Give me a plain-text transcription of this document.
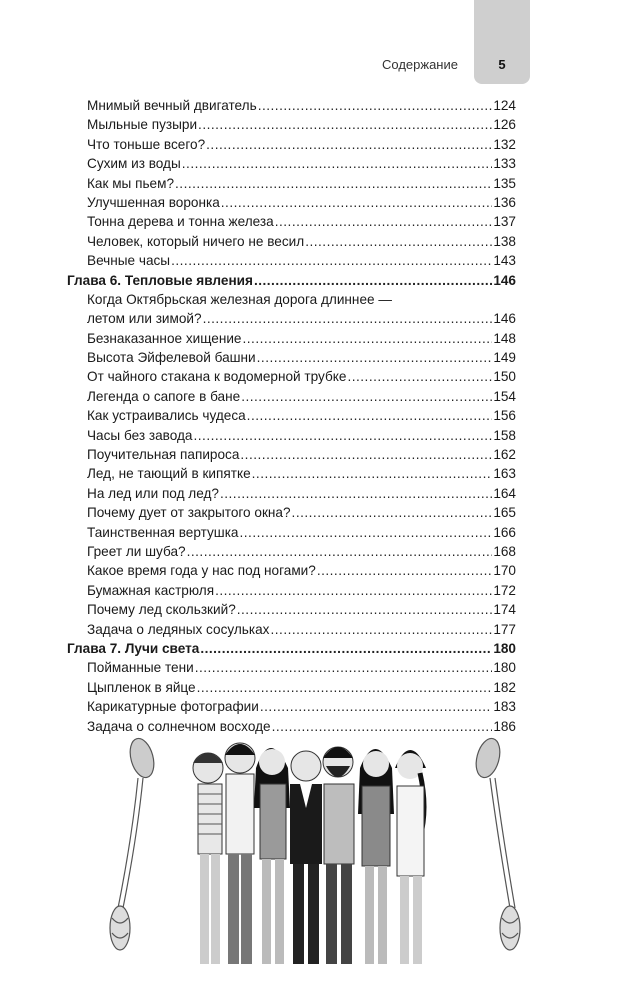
Содержание	5
Мнимый вечный двигатель .....	124
Мыльные пузыри .....	126
Что тоньше всего? .....	132
Сухим из воды .....	133
Как мы пьем? .....	135
Улучшенная воронка .....	136
Тонна дерева и тонна железа .....	137
Человек, который ничего не весил .....	138
Вечные часы .....	143
Глава 6. Тепловые явления .....	146
Когда Октябрьская железная дорога длиннее —
летом или зимой? .....	146
Безнаказанное хищение .....	148
Высота Эйфелевой башни .....	149
От чайного стакана к водомерной трубке .....	150
Легенда о сапоге в бане .....	154
Как устраивались чудеса .....	156
Часы без завода .....	158
Поучительная папироса .....	162
Лед, не тающий в кипятке .....	163
На лед или под лед? .....	164
Почему дует от закрытого окна? .....	165
Таинственная вертушка .....	166
Греет ли шуба? .....	168
Какое время года у нас под ногами? .....	170
Бумажная кастрюля .....	172
Почему лед скользкий? .....	174
Задача о ледяных сосульках .....	177
Глава 7. Лучи света .....	180
Пойманные тени .....	180
Цыпленок в яйце .....	182
Карикатурные фотографии .....	183
Задача о солнечном восходе .....	186
